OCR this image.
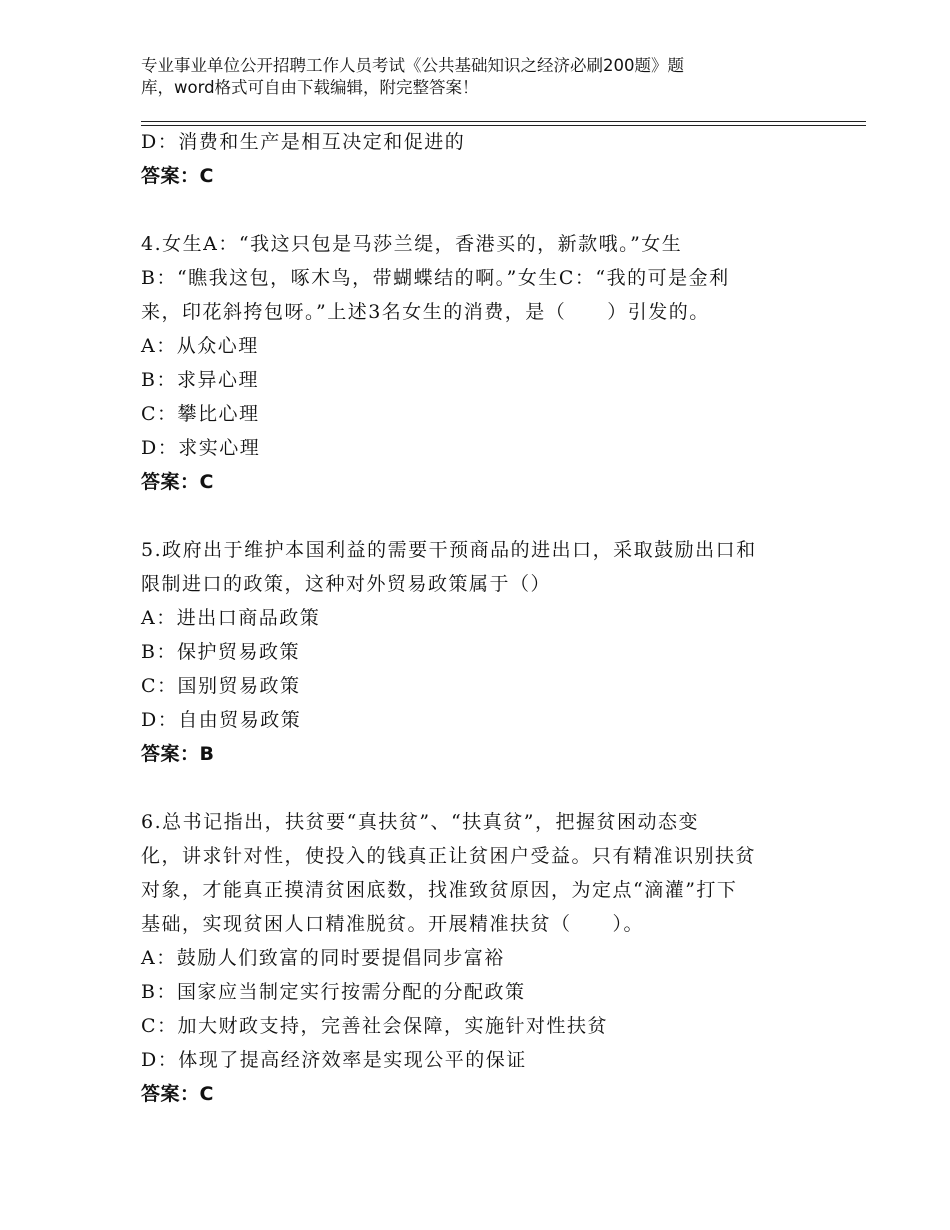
专业事业单位公开招聘工作人员考试《公共基础知识之经济必刷200题》题
库，word格式可自由下载编辑，附完整答案！
D：消费和生产是相互决定和促进的
答案：C
4.女生A：“我这只包是马莎兰缇，香港买的，新款哦。”女生
B：“瞧我这包，啄木鸟，带蝴蝶结的啊。”女生C：“我的可是金利
来，印花斜挎包呀。”上述3名女生的消费，是（　　）引发的。
A：从众心理
B：求异心理
C：攀比心理
D：求实心理
答案：C
5.政府出于维护本国利益的需要干预商品的进出口，采取鼓励出口和
限制进口的政策，这种对外贸易政策属于（）
A：进出口商品政策
B：保护贸易政策
C：国别贸易政策
D：自由贸易政策
答案：B
6.总书记指出，扶贫要“真扶贫”、“扶真贫”，把握贫困动态变
化，讲求针对性，使投入的钱真正让贫困户受益。只有精准识别扶贫
对象，才能真正摸清贫困底数，找准致贫原因，为定点“滴灌”打下
基础，实现贫困人口精准脱贫。开展精准扶贫（　　）。
A：鼓励人们致富的同时要提倡同步富裕
B：国家应当制定实行按需分配的分配政策
C：加大财政支持，完善社会保障，实施针对性扶贫
D：体现了提高经济效率是实现公平的保证
答案：C
